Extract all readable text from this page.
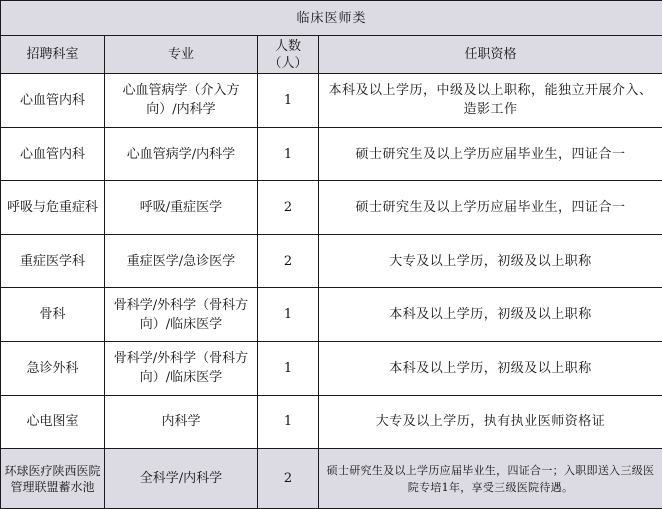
临床医师类			
招聘科室	专业	人数（人）	任职资格
心血管内科	心血管病学（介入方向）/内科学	1	本科及以上学历，中级及以上职称，能独立开展介入、造影工作
心血管内科	心血管病学/内科学	1	硕士研究生及以上学历应届毕业生，四证合一
呼吸与危重症科	呼吸/重症医学	2	硕士研究生及以上学历应届毕业生，四证合一
重症医学科	重症医学/急诊医学	2	大专及以上学历，初级及以上职称
骨科	骨科学/外科学（骨科方向）/临床医学	1	本科及以上学历，初级及以上职称
急诊外科	骨科学/外科学（骨科方向）/临床医学	1	本科及以上学历，初级及以上职称
心电图室	内科学	1	大专及以上学历，执有执业医师资格证
环球医疗陕西医院管理联盟蓄水池	全科学/内科学	2	硕士研究生及以上学历应届毕业生，四证合一；入职即送入三级医院专培1年，享受三级医院待遇。
